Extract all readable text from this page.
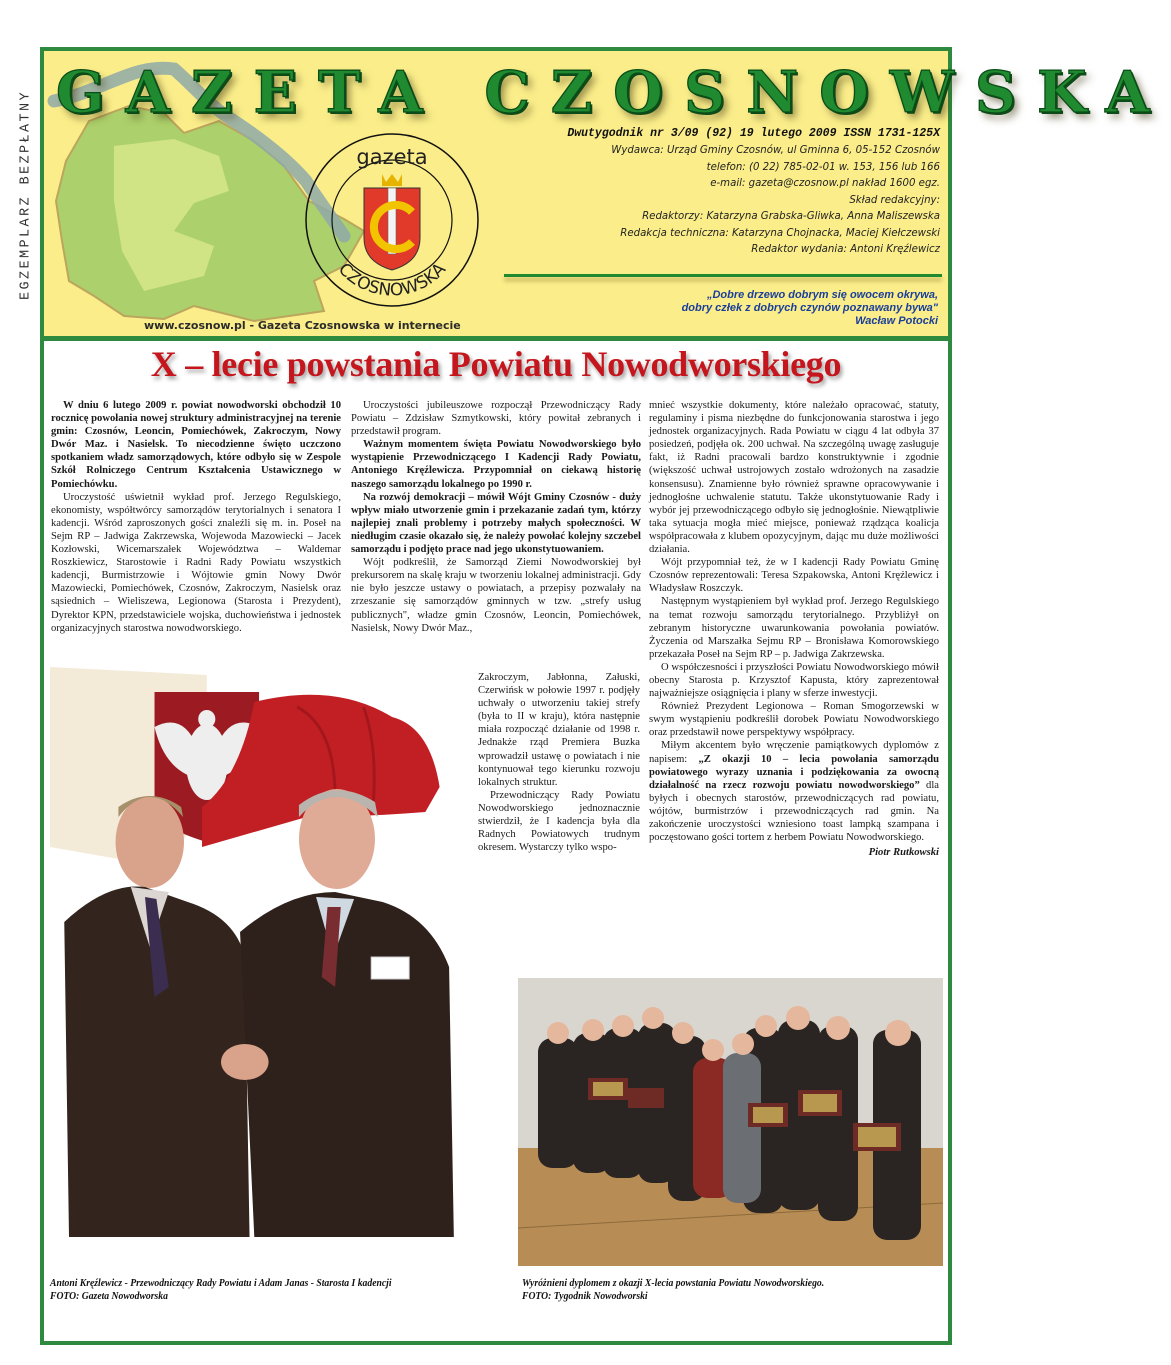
EGZEMPLARZ BEZPŁATNY GAZETA CZOSNOWSKA
gazeta
CZOSNOWSKA
Dwutygodnik nr 3/09 (92) 19 lutego 2009 ISSN 1731-125X
Wydawca: Urząd Gminy Czosnów, ul Gminna 6, 05-152 Czosnów
telefon: (0 22) 785-02-01 w. 153, 156 lub 166
e-mail: gazeta@czosnow.pl nakład 1600 egz.
Skład redakcyjny:
Redaktorzy: Katarzyna Grabska-Gliwka, Anna Maliszewska
Redakcja techniczna: Katarzyna Chojnacka, Maciej Kiełczewski
Redaktor wydania: Antoni Kręźlewicz
„Dobre drzewo dobrym się owocem okrywa,
dobry człek z dobrych czynów poznawany bywa"
Wacław Potocki
www.czosnow.pl - Gazeta Czosnowska w internecie
X – lecie powstania Powiatu Nowodworskiego

W dniu 6 lutego 2009 r. powiat nowodworski obchodził 10 rocznicę powołania nowej struktury administracyjnej na terenie gmin: Czosnów, Leoncin, Pomiechówek, Zakroczym, Nowy Dwór Maz. i Nasielsk. To niecodzienne święto uczczono spotkaniem władz samorządowych, które odbyło się w Zespole Szkół Rolniczego Centrum Kształcenia Ustawicznego w Pomiechówku.

Uroczystość uświetnił wykład prof. Jerzego Regulskiego, ekonomisty, współtwórcy samorządów terytorialnych i senatora I kadencji. Wśród zaproszonych gości znaleźli się m. in. Poseł na Sejm RP – Jadwiga Zakrzewska, Wojewoda Mazowiecki – Jacek Kozłowski, Wicemarszałek Województwa – Waldemar Roszkiewicz, Starostowie i Radni Rady Powiatu wszystkich kadencji, Burmistrzowie i Wójtowie gmin Nowy Dwór Mazowiecki, Pomiechówek, Czosnów, Zakroczym, Nasielsk oraz sąsiednich – Wieliszewa, Legionowa (Starosta i Prezydent), Dyrektor KPN, przedstawiciele wojska, duchowieństwa i jednostek organizacyjnych starostwa nowodworskiego.

Uroczystości jubileuszowe rozpoczął Przewodniczący Rady Powiatu – Zdzisław Szmytkowski, który powitał zebranych i przedstawił program.

Ważnym momentem święta Powiatu Nowodworskiego było wystąpienie Przewodniczącego I Kadencji Rady Powiatu, Antoniego Kręźlewicza. Przypomniał on ciekawą historię naszego samorządu lokalnego po 1990 r.

Na rozwój demokracji – mówił Wójt Gminy Czosnów - duży wpływ miało utworzenie gmin i przekazanie zadań tym, którzy najlepiej znali problemy i potrzeby małych społeczności. W niedługim czasie okazało się, że należy powołać kolejny szczebel samorządu i podjęto prace nad jego ukonstytuowaniem.

Wójt podkreślił, że Samorząd Ziemi Nowodworskiej był prekursorem na skalę kraju w tworzeniu lokalnej administracji. Gdy nie było jeszcze ustawy o powiatach, a przepisy pozwalały na zrzeszanie się samorządów gminnych w tzw. „strefy usług publicznych", władze gmin Czosnów, Leoncin, Pomiechówek, Nasielsk, Nowy Dwór Maz.,

Zakroczym, Jabłonna, Załuski, Czerwińsk w połowie 1997 r. podjęły uchwały o utworzeniu takiej strefy (była to II w kraju), która następnie miała rozpocząć działanie od 1998 r. Jednakże rząd Premiera Buzka wprowadził ustawę o powiatach i nie kontynuował tego kierunku rozwoju lokalnych struktur.

Przewodniczący Rady Powiatu Nowodworskiego jednoznacznie stwierdził, że I kadencja była dla Radnych Powiatowych trudnym okresem. Wystarczy tylko wspo-

mnieć wszystkie dokumenty, które należało opracować, statuty, regulaminy i pisma niezbędne do funkcjonowania starostwa i jego jednostek organizacyjnych. Rada Powiatu w ciągu 4 lat odbyła 37 posiedzeń, podjęła ok. 200 uchwał. Na szczególną uwagę zasługuje fakt, iż Radni pracowali bardzo konstruktywnie i zgodnie (większość uchwał ustrojowych zostało wdrożonych na zasadzie konsensusu). Znamienne było również sprawne opracowywanie i jednogłośne uchwalenie statutu. Także ukonstytuowanie Rady i wybór jej przewodniczącego odbyło się jednogłośnie. Niewątpliwie taka sytuacja mogła mieć miejsce, ponieważ rządząca koalicja współpracowała z klubem opozycyjnym, dając mu duże możliwości działania.

Wójt przypomniał też, że w I kadencji Rady Powiatu Gminę Czosnów reprezentowali: Teresa Szpakowska, Antoni Kręźlewicz i Władysław Roszczyk.

Następnym wystąpieniem był wykład prof. Jerzego Regulskiego na temat rozwoju samorządu terytorialnego. Przybliżył on zebranym historyczne uwarunkowania powołania powiatów. Życzenia od Marszałka Sejmu RP – Bronisława Komorowskiego przekazała Poseł na Sejm RP – p. Jadwiga Zakrzewska.

O współczesności i przyszłości Powiatu Nowodworskiego mówił obecny Starosta p. Krzysztof Kapusta, który zaprezentował najważniejsze osiągnięcia i plany w sferze inwestycji.

Również Prezydent Legionowa – Roman Smogorzewski w swym wystąpieniu podkreślił dorobek Powiatu Nowodworskiego oraz przedstawił nowe perspektywy współpracy.

Miłym akcentem było wręczenie pamiątkowych dyplomów z napisem: „Z okazji 10 – lecia powołania samorządu powiatowego wyrazy uznania i podziękowania za owocną działalność na rzecz rozwoju powiatu nowodworskiego” dla byłych i obecnych starostów, przewodniczących rad powiatu, wójtów, burmistrzów i przewodniczących rad gmin. Na zakończenie uroczystości wzniesiono toast lampką szampana i poczęstowano gości tortem z herbem Powiatu Nowodworskiego.

Piotr Rutkowski
Antoni Kręźlewicz - Przewodniczący Rady Powiatu i Adam Janas - Starosta I kadencji
FOTO: Gazeta Nowodworska
Wyróżnieni dyplomem z okazji X-lecia powstania Powiatu Nowodworskiego.
FOTO: Tygodnik Nowodworski
